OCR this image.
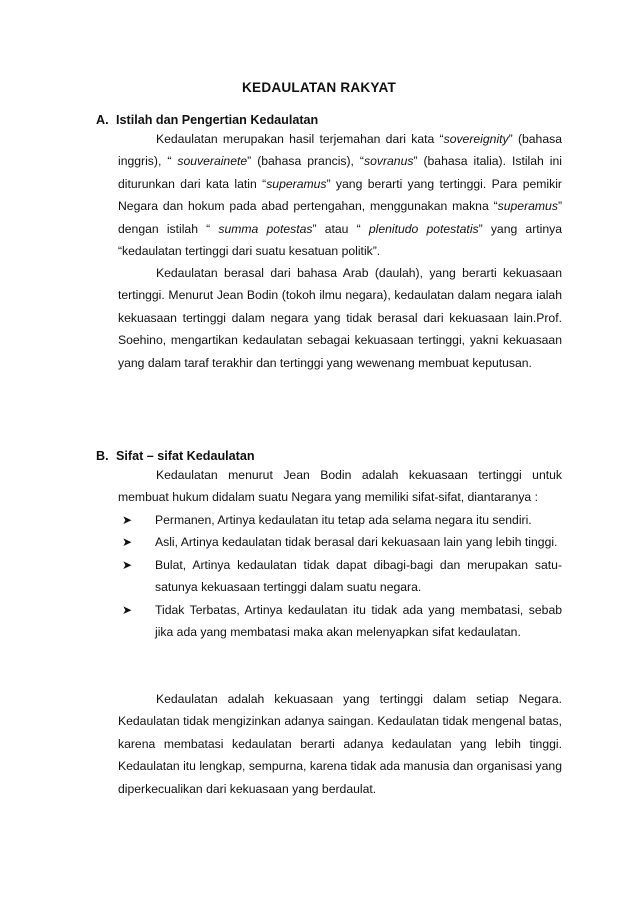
KEDAULATAN RAKYAT
A. Istilah dan Pengertian Kedaulatan

Kedaulatan merupakan hasil terjemahan dari kata “sovereignity” (bahasa inggris), “ souverainete” (bahasa prancis), “sovranus” (bahasa italia). Istilah ini diturunkan dari kata latin “superamus” yang berarti yang tertinggi. Para pemikir Negara dan hokum pada abad pertengahan, menggunakan makna “superamus” dengan istilah “ summa potestas” atau “ plenitudo potestatis” yang artinya “kedaulatan tertinggi dari suatu kesatuan politik”.

Kedaulatan berasal dari bahasa Arab (daulah), yang berarti kekuasaan tertinggi. Menurut Jean Bodin (tokoh ilmu negara), kedaulatan dalam negara ialah kekuasaan tertinggi dalam negara yang tidak berasal dari kekuasaan lain.Prof. Soehino, mengartikan kedaulatan sebagai kekuasaan tertinggi, yakni kekuasaan yang dalam taraf terakhir dan tertinggi yang wewenang membuat keputusan.

B. Sifat – sifat Kedaulatan

Kedaulatan menurut Jean Bodin adalah kekuasaan tertinggi untuk membuat hukum didalam suatu Negara yang memiliki sifat-sifat, diantaranya :

➤ Permanen, Artinya kedaulatan itu tetap ada selama negara itu sendiri.
➤ Asli, Artinya kedaulatan tidak berasal dari kekuasaan lain yang lebih tinggi.
➤ Bulat, Artinya kedaulatan tidak dapat dibagi-bagi dan merupakan satu-satunya kekuasaan tertinggi dalam suatu negara.
➤ Tidak Terbatas, Artinya kedaulatan itu tidak ada yang membatasi, sebab jika ada yang membatasi maka akan melenyapkan sifat kedaulatan.

Kedaulatan adalah kekuasaan yang tertinggi dalam setiap Negara. Kedaulatan tidak mengizinkan adanya saingan. Kedaulatan tidak mengenal batas, karena membatasi kedaulatan berarti adanya kedaulatan yang lebih tinggi. Kedaulatan itu lengkap, sempurna, karena tidak ada manusia dan organisasi yang diperkecualikan dari kekuasaan yang berdaulat.
